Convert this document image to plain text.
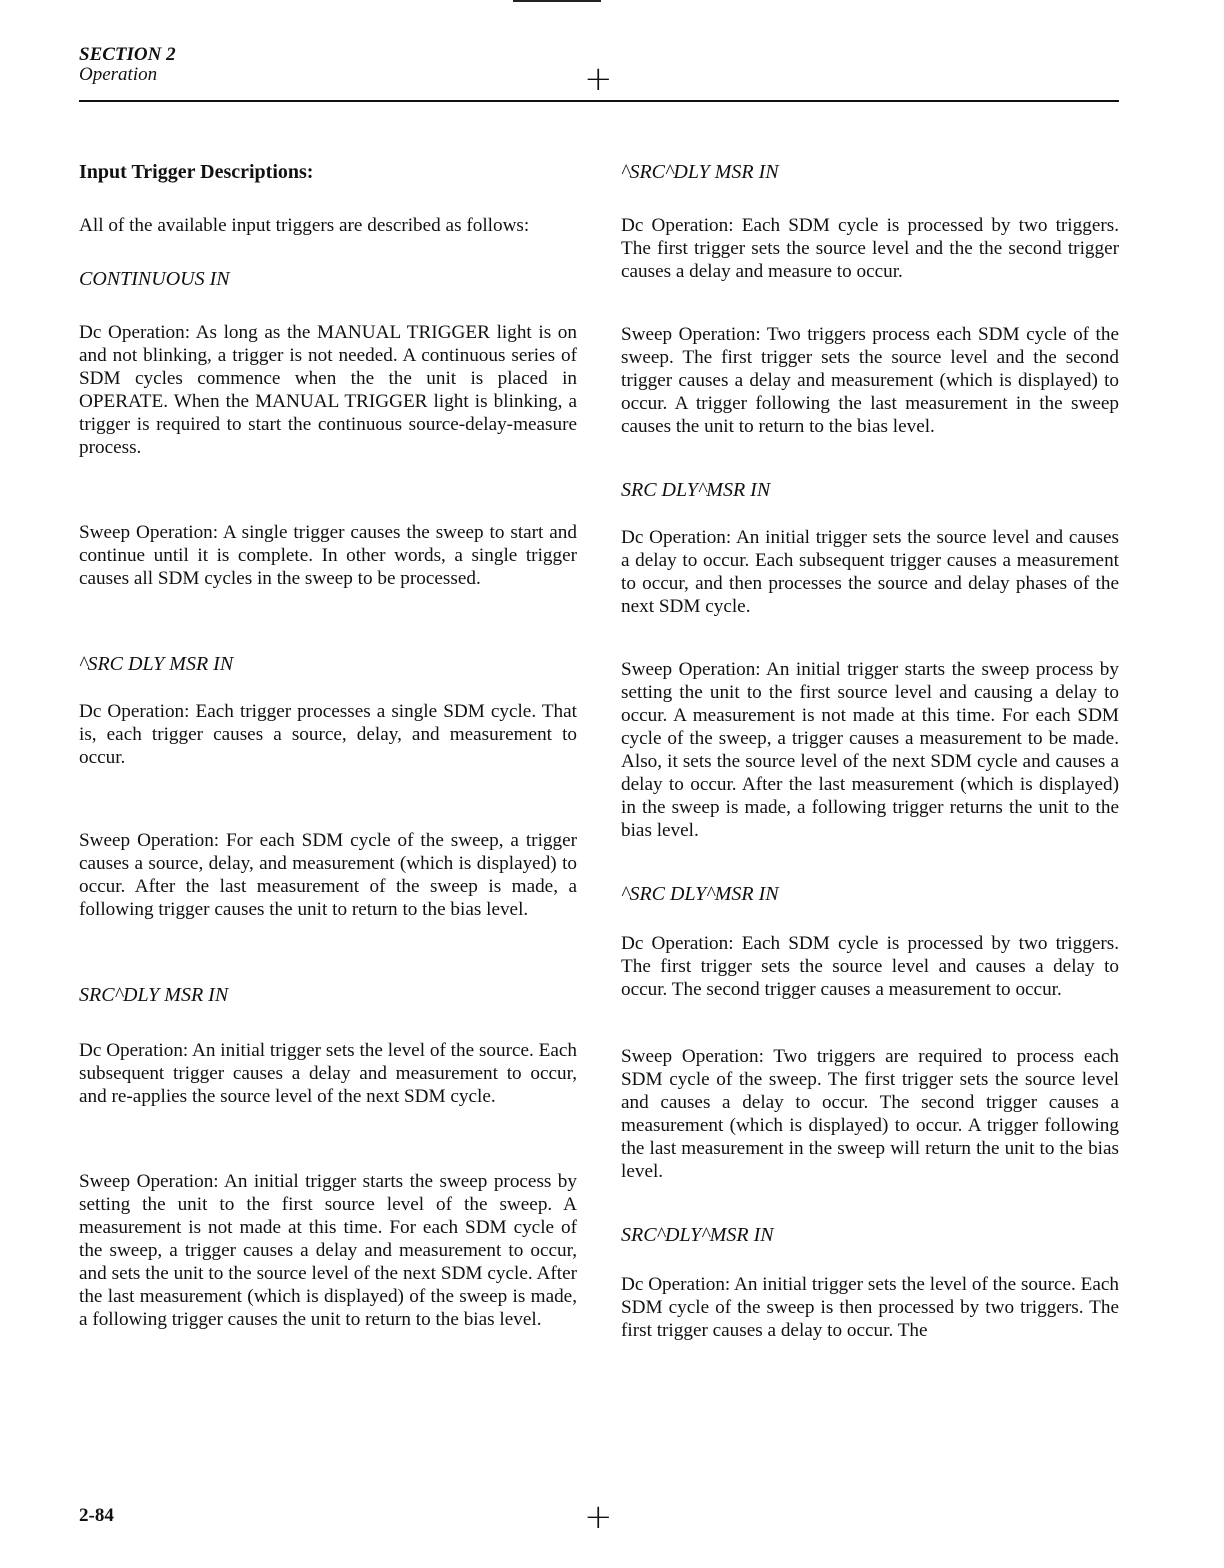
SECTION 2
Operation	+

Input Trigger Descriptions:

All of the available input triggers are described as follows:

CONTINUOUS IN

Dc Operation: As long as the MANUAL TRIGGER light is on and not blinking, a trigger is not needed. A continuous series of SDM cycles commence when the the unit is placed in OPERATE. When the MANUAL TRIGGER light is blinking, a trigger is required to start the continuous source-delay-measure process.

Sweep Operation: A single trigger causes the sweep to start and continue until it is complete. In other words, a single trigger causes all SDM cycles in the sweep to be processed.

^SRC DLY MSR IN

Dc Operation: Each trigger processes a single SDM cycle. That is, each trigger causes a source, delay, and measurement to occur.

Sweep Operation: For each SDM cycle of the sweep, a trigger causes a source, delay, and measurement (which is displayed) to occur. After the last measurement of the sweep is made, a following trigger causes the unit to return to the bias level.

SRC^DLY MSR IN

Dc Operation: An initial trigger sets the level of the source. Each subsequent trigger causes a delay and measurement to occur, and re-applies the source level of the next SDM cycle.

Sweep Operation: An initial trigger starts the sweep process by setting the unit to the first source level of the sweep. A measurement is not made at this time. For each SDM cycle of the sweep, a trigger causes a delay and measurement to occur, and sets the unit to the source level of the next SDM cycle. After the last measurement (which is displayed) of the sweep is made, a following trigger causes the unit to return to the bias level.

^SRC^DLY MSR IN

Dc Operation: Each SDM cycle is processed by two triggers. The first trigger sets the source level and the the second trigger causes a delay and measure to occur.

Sweep Operation: Two triggers process each SDM cycle of the sweep. The first trigger sets the source level and the second trigger causes a delay and measurement (which is displayed) to occur. A trigger following the last measurement in the sweep causes the unit to return to the bias level.

SRC DLY^MSR IN

Dc Operation: An initial trigger sets the source level and causes a delay to occur. Each subsequent trigger causes a measurement to occur, and then processes the source and delay phases of the next SDM cycle.

Sweep Operation: An initial trigger starts the sweep process by setting the unit to the first source level and causing a delay to occur. A measurement is not made at this time. For each SDM cycle of the sweep, a trigger causes a measurement to be made. Also, it sets the source level of the next SDM cycle and causes a delay to occur. After the last measurement (which is displayed) in the sweep is made, a following trigger returns the unit to the bias level.

^SRC DLY^MSR IN

Dc Operation: Each SDM cycle is processed by two triggers. The first trigger sets the source level and causes a delay to occur. The second trigger causes a measurement to occur.

Sweep Operation: Two triggers are required to process each SDM cycle of the sweep. The first trigger sets the source level and causes a delay to occur. The second trigger causes a measurement (which is displayed) to occur. A trigger following the last measurement in the sweep will return the unit to the bias level.

SRC^DLY^MSR IN

Dc Operation: An initial trigger sets the level of the source. Each SDM cycle of the sweep is then processed by two triggers. The first trigger causes a delay to occur. The

2-84	+
